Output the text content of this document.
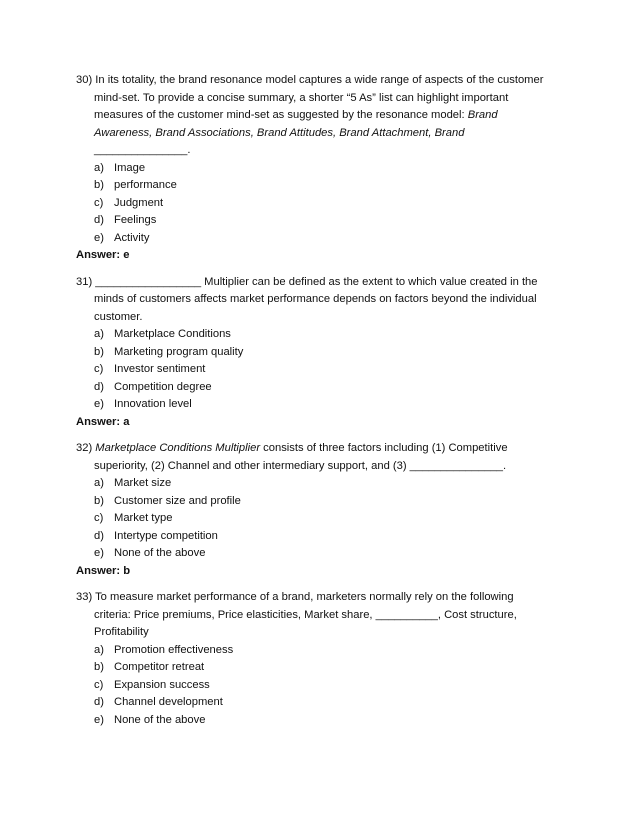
30) In its totality, the brand resonance model captures a wide range of aspects of the customer
mind-set. To provide a concise summary, a shorter “5 As” list can highlight important
measures of the customer mind-set as suggested by the resonance model: Brand
Awareness, Brand Associations, Brand Attitudes, Brand Attachment, Brand
_______________.
a) Image
b) performance
c) Judgment
d) Feelings
e) Activity
Answer: e
31) _________________ Multiplier can be defined as the extent to which value created in the
minds of customers affects market performance depends on factors beyond the individual
customer.
a) Marketplace Conditions
b) Marketing program quality
c) Investor sentiment
d) Competition degree
e) Innovation level
Answer: a
32) Marketplace Conditions Multiplier consists of three factors including (1) Competitive
superiority, (2) Channel and other intermediary support, and (3) _______________.
a) Market size
b) Customer size and profile
c) Market type
d) Intertype competition
e) None of the above
Answer: b
33) To measure market performance of a brand, marketers normally rely on the following
criteria: Price premiums, Price elasticities, Market share, __________, Cost structure,
Profitability
a) Promotion effectiveness
b) Competitor retreat
c) Expansion success
d) Channel development
e) None of the above
